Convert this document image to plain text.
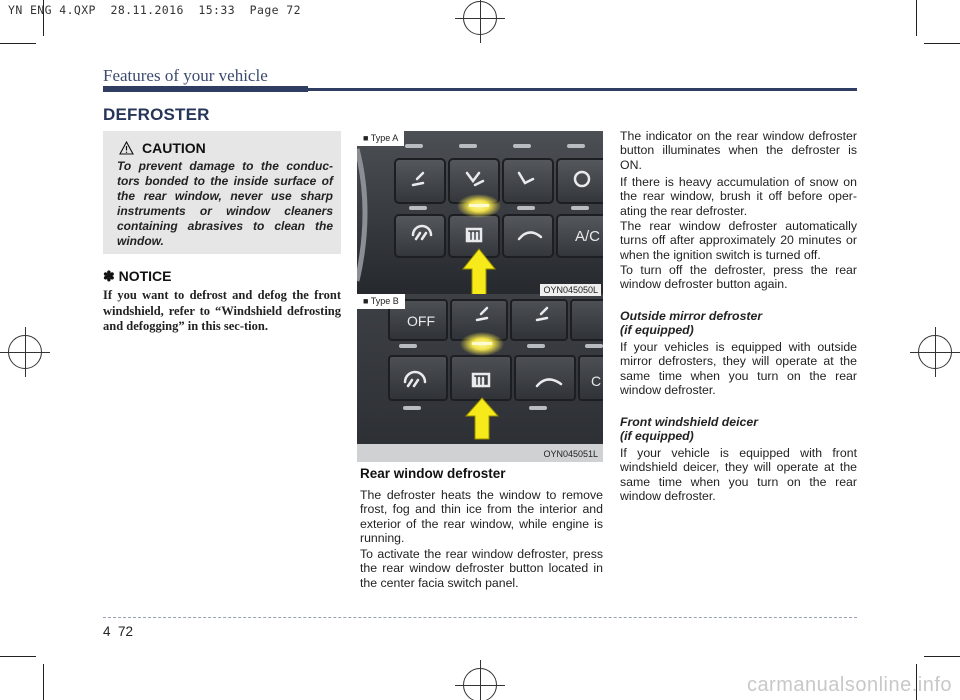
YN ENG 4.QXP  28.11.2016  15:33  Page 72
Features of your vehicle
DEFROSTER
CAUTION
To prevent damage to the conduc-tors bonded to the inside surface of the rear window, never use sharp instruments or window cleaners containing abrasives to clean the window.
✽ NOTICE
If you want to defrost and defog the front windshield, refer to “Windshield defrosting and defogging” in this sec-tion.
■ Type A
A/C
OYN045050L
■ Type B
OFF
C
OYN045051L
Rear window defroster
The defroster heats the window to remove frost, fog and thin ice from the interior and exterior of the rear window, while engine is running.
To activate the rear window defroster, press the rear window defroster button located in the center facia switch panel.
The indicator on the rear window defroster button illuminates when the defroster is ON.
If there is heavy accumulation of snow on the rear window, brush it off before oper-ating the rear defroster.
The rear window defroster automatically turns off after approximately 20 minutes or when the ignition switch is turned off.
To turn off the defroster, press the rear window defroster button again.
Outside mirror defroster
(if equipped)
If your vehicles is equipped with outside mirror defrosters, they will operate at the same time when you turn on the rear window defroster.
Front windshield deicer
(if equipped)
If your vehicle is equipped with front windshield deicer, they will operate at the same time when you turn on the rear window defroster.
4 72
carmanualsonline.info
